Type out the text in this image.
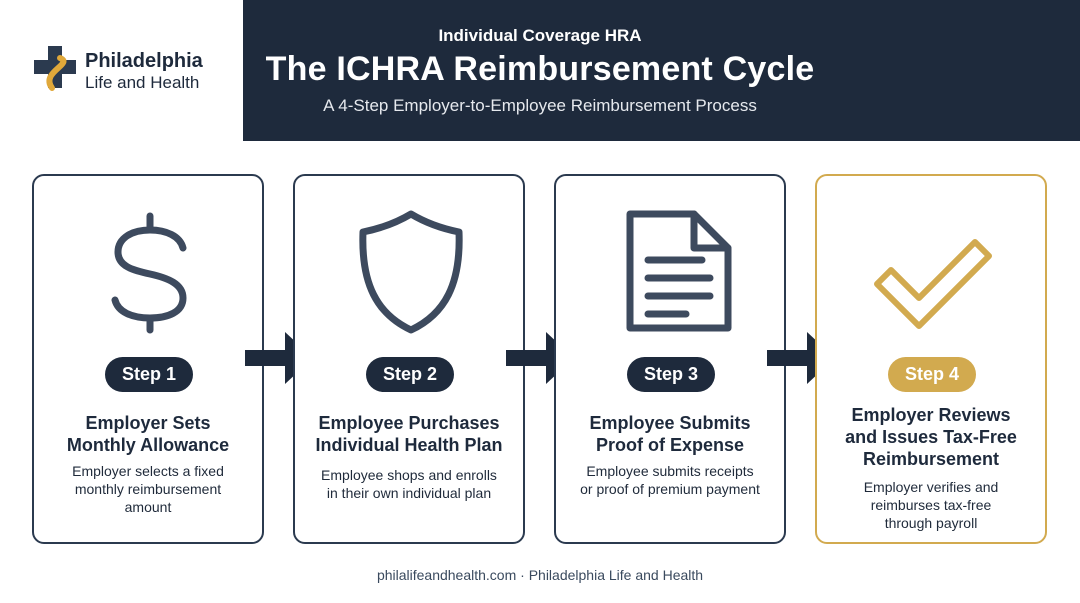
Individual Coverage HRA
The ICHRA Reimbursement Cycle
A 4-Step Employer-to-Employee Reimbursement Process
Philadelphia
Life and Health
Step 1
Employer Sets
Monthly Allowance
Employer selects a fixed
monthly reimbursement
amount
Step 2
Employee Purchases
Individual Health Plan
Employee shops and enrolls
in their own individual plan
Step 3
Employee Submits
Proof of Expense
Employee submits receipts
or proof of premium payment
Step 4
Employer Reviews
and Issues Tax-Free
Reimbursement
Employer verifies and
reimburses tax-free
through payroll
philalifeandhealth.com · Philadelphia Life and Health
